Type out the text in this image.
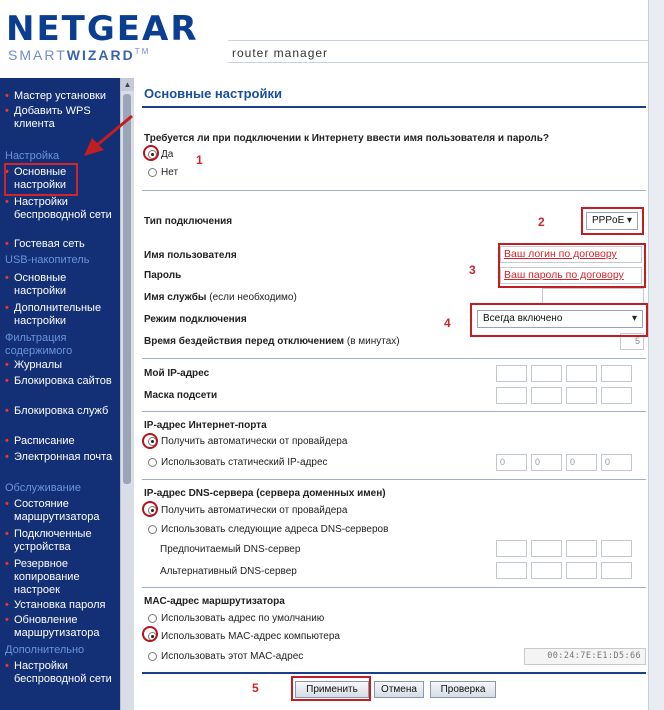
NETGEAR
SMARTWIZARD™	router manager
• Мастер установки
• Добавить WPS клиента
Настройка
• Основные настройки
• Настройки беспроводной сети
• Гостевая сеть
USB-накопитель
• Основные настройки
• Дополнительные настройки
Фильтрация содержимого
• Журналы
• Блокировка сайтов
• Блокировка служб
• Расписание
• Электронная почта
Обслуживание
• Состояние маршрутизатора
• Подключенные устройства
• Резервное копирование настроек
• Установка пароля
• Обновление маршрутизатора
Дополнительно
• Настройки беспроводной сети
▲
Основные настройки
Требуется ли при подключении к Интернету ввести имя пользователя и пароль?
Да
Нет
Тип подключения	PPPoE ▾
Имя пользователя	Ваш логин по договору
Пароль	Ваш пароль по договору
Имя службы (если необходимо)
Режим подключения	Всегда включено ▾
Время бездействия перед отключением (в минутах)	5
Мой IP-адрес
Маска подсети
IP-адрес Интернет-порта
Получить автоматически от провайдера
Использовать статический IP-адрес	0	0	0	0
IP-адрес DNS-сервера (сервера доменных имен)
Получить автоматически от провайдера
Использовать следующие адреса DNS-серверов
Предпочитаемый DNS-сервер
Альтернативный DNS-сервер
MAC-адрес маршрутизатора
Использовать адрес по умолчанию
Использовать MAC-адрес компьютера
Использовать этот MAC-адрес	00:24:7E:E1:D5:66
Применить	Отмена	Проверка
1
2
3
4
5
